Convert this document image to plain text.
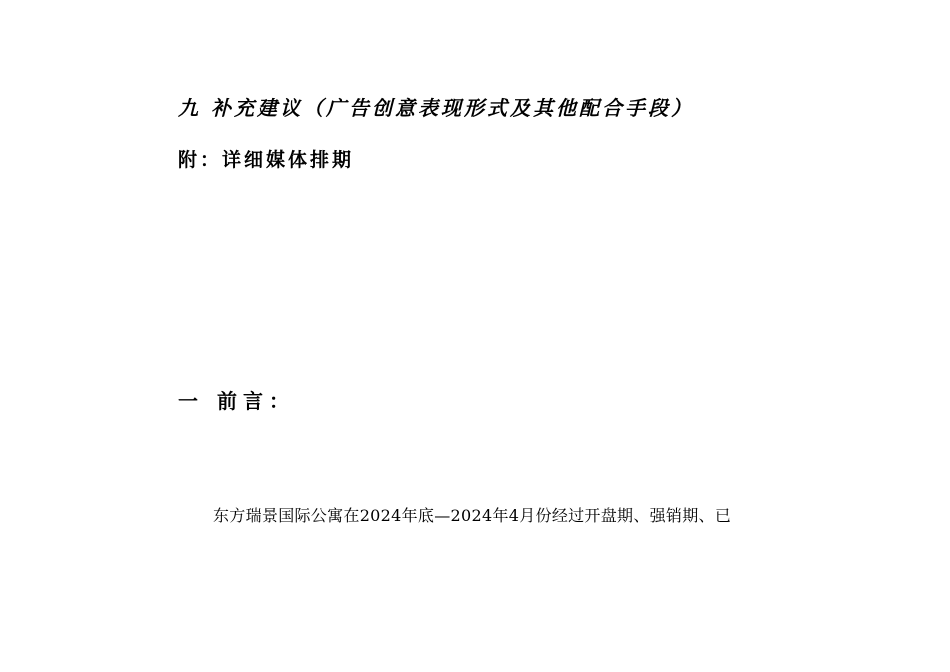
九 补充建议（广告创意表现形式及其他配合手段）
附：详细媒体排期
一 前言：
东方瑞景国际公寓在2024年底—2024年4月份经过开盘期、强销期、已
